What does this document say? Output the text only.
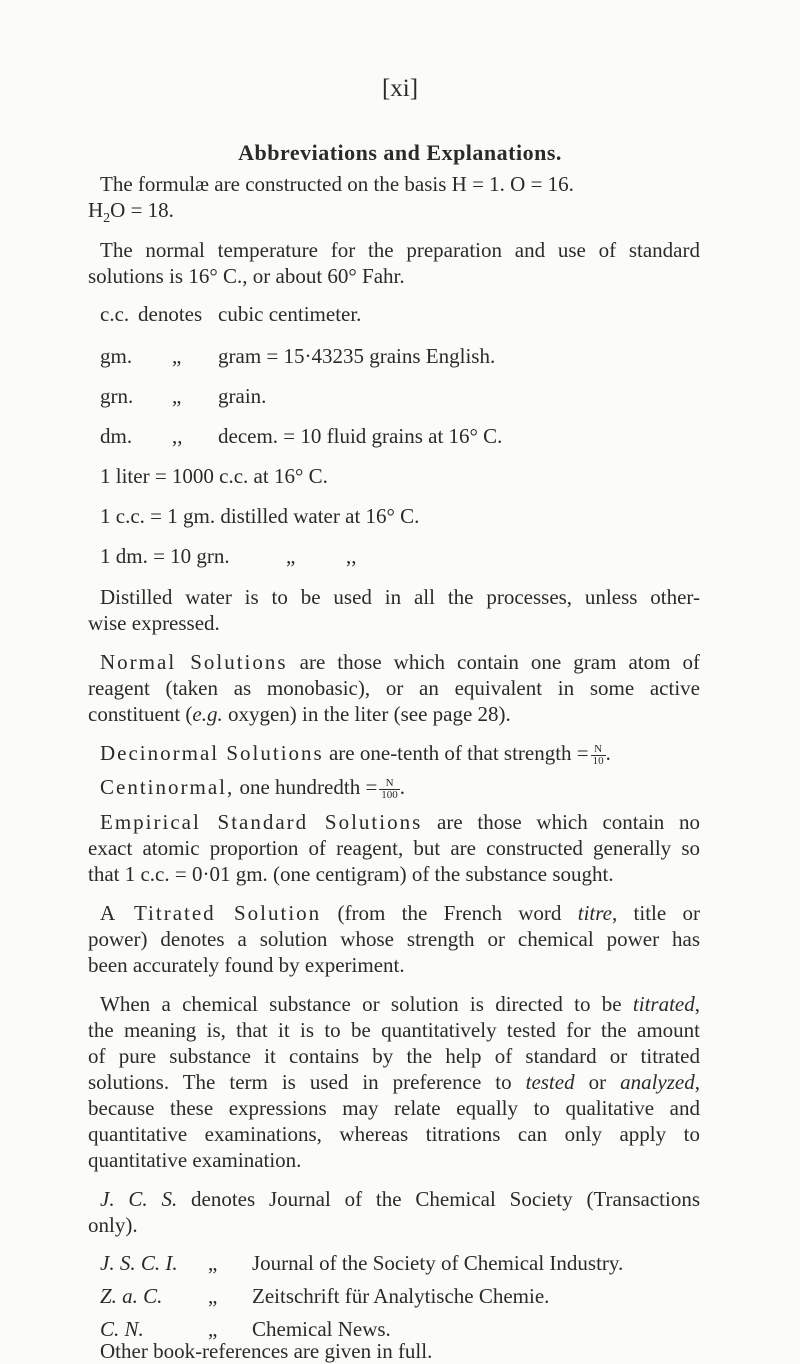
[xi]
Abbreviations and Explanations.
The formulæ are constructed on the basis H = 1. O = 16.
$H_2O = 18$.
The normal temperature for the preparation and use of standard
solutions is 16° C., or about 60° Fahr.
c.c. denotes cubic centimeter.
gm. „ gram = 15·43235 grains English.
grn. „ grain.
dm. ,, decem. = 10 fluid grains at 16° C.
1 liter = 1000 c.c. at 16° C.
1 c.c. = 1 gm. distilled water at 16° C.
1 dm. = 10 grn.	„ ,,
Distilled water is to be used in all the processes, unless other-
wise expressed.
Normal Solutions are those which contain one gram atom of
reagent (taken as monobasic), or an equivalent in some active
constituent (e.g. oxygen) in the liter (see page 28).
Decinormal Solutions are one-tenth of that strength = $\frac{N}{10}$ .
Centinormal, one hundredth = $\frac{N}{100}$ .
Empirical Standard Solutions are those which contain no
exact atomic proportion of reagent, but are constructed generally so
that 1 c.c. = 0·01 gm. (one centigram) of the substance sought.
A Titrated Solution (from the French word titre, title or
power) denotes a solution whose strength or chemical power has
been accurately found by experiment.
When a chemical substance or solution is directed to be titrated,
the meaning is, that it is to be quantitatively tested for the amount
of pure substance it contains by the help of standard or titrated
solutions. The term is used in preference to tested or analyzed,
because these expressions may relate equally to qualitative and
quantitative examinations, whereas titrations can only apply to
quantitative examination.
J. C. S. denotes Journal of the Chemical Society (Transactions
only).
J. S. C. I. „ Journal of the Society of Chemical Industry.
Z. a. C. „ Zeitschrift für Analytische Chemie.
C. N.	„ Chemical News.
Other book-references are given in full.
